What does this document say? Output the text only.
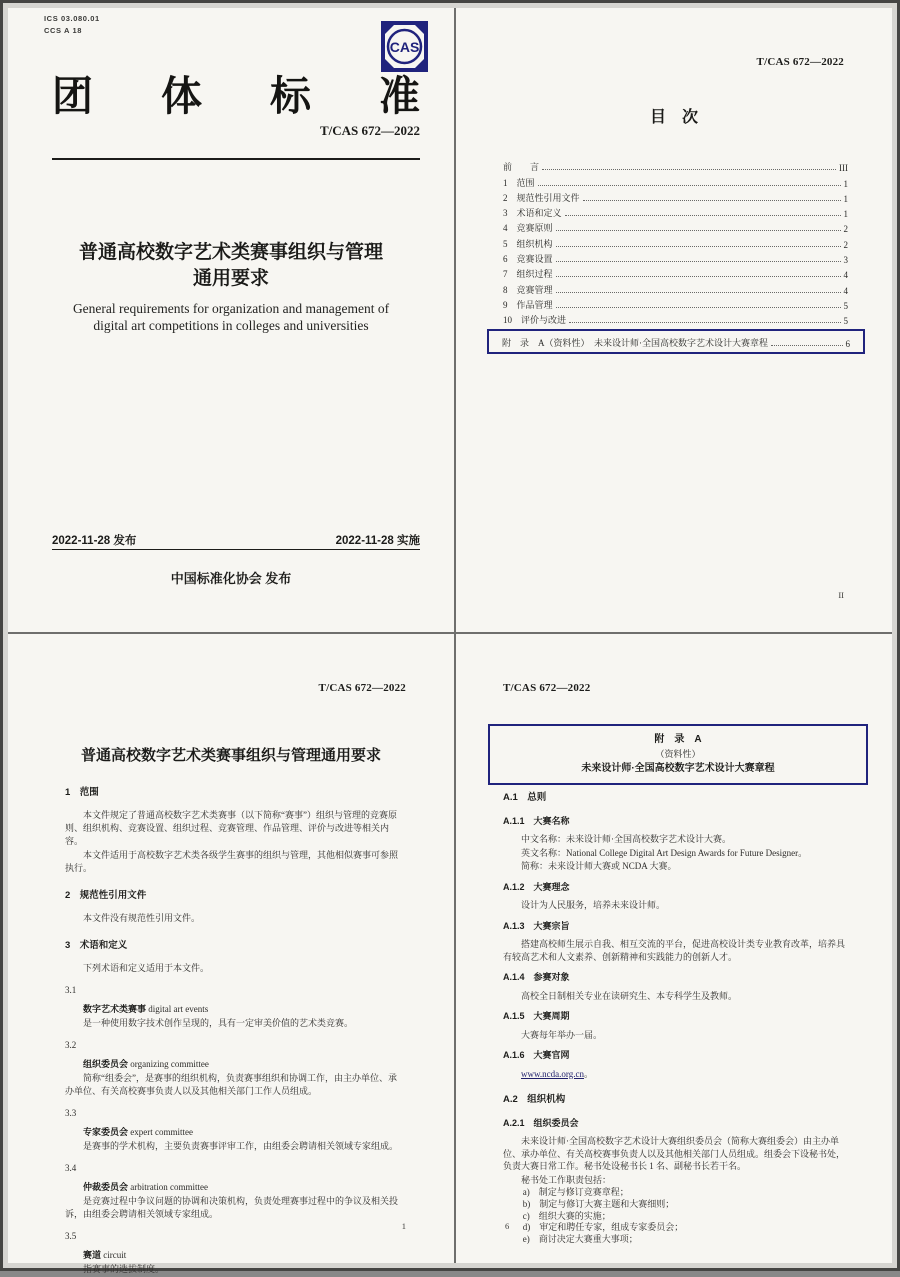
ICS 03.080.01
CCS A 18
CAS
团 体 标 准
T/CAS 672—2022
普通高校数字艺术类赛事组织与管理
通用要求
General requirements for organization and management of
digital art competitions in colleges and universities
2022-11-28 发布	2022-11-28 实施
中国标准化协会 发布
T/CAS 672—2022
目　次
前　　言	III
1　范围	1
2　规范性引用文件	1
3　术语和定义	1
4　竞赛原则	2
5　组织机构	2
6　竞赛设置	3
7　组织过程	4
8　竞赛管理	4
9　作品管理	5
10　评价与改进	5
附　录　A（资料性）　未来设计师·全国高校数字艺术设计大赛章程	6
II
T/CAS 672—2022
普通高校数字艺术类赛事组织与管理通用要求
1　范围
本文件规定了普通高校数字艺术类赛事（以下简称“赛事”）组织与管理的竞赛原则、组织机构、竞赛设置、组织过程、竞赛管理、作品管理、评价与改进等相关内容。
本文件适用于高校数字艺术类各级学生赛事的组织与管理，其他相似赛事可参照执行。
2　规范性引用文件
本文件没有规范性引用文件。
3　术语和定义
下列术语和定义适用于本文件。
3.1
数字艺术类赛事 digital art events
是一种使用数字技术创作呈现的，具有一定审美价值的艺术类竞赛。
3.2
组织委员会 organizing committee
简称“组委会”，是赛事的组织机构，负责赛事组织和协调工作，由主办单位、承办单位、有关高校赛事负责人以及其他相关部门工作人员组成。
3.3
专家委员会 expert committee
是赛事的学术机构，主要负责赛事评审工作，由组委会聘请相关领域专家组成。
3.4
仲裁委员会 arbitration committee
是竞赛过程中争议问题的协调和决策机构，负责处理赛事过程中的争议及相关投诉，由组委会聘请相关领域专家组成。
3.5
赛道 circuit
指赛事的选拔制度。
1
T/CAS 672—2022
附　录　A
（资料性）
未来设计师·全国高校数字艺术设计大赛章程
A.1　总则
A.1.1　大赛名称
中文名称：未来设计师·全国高校数字艺术设计大赛。
英文名称：National College Digital Art Design Awards for Future Designer。
简称：未来设计师大赛或 NCDA 大赛。
A.1.2　大赛理念
设计为人民服务，培养未来设计师。
A.1.3　大赛宗旨
搭建高校师生展示自我、相互交流的平台，促进高校设计类专业教育改革，培养具有较高艺术和人文素养、创新精神和实践能力的创新人才。
A.1.4　参赛对象
高校全日制相关专业在读研究生、本专科学生及教师。
A.1.5　大赛周期
大赛每年举办一届。
A.1.6　大赛官网
www.ncda.org.cn。
A.2　组织机构
A.2.1　组织委员会
未来设计师·全国高校数字艺术设计大赛组织委员会（简称大赛组委会）由主办单位、承办单位、有关高校赛事负责人以及其他相关部门人员组成。组委会下设秘书处，负责大赛日常工作。秘书处设秘书长 1 名、副秘书长若干名。
秘书处工作职责包括：
a)　制定与修订竞赛章程；
b)　制定与修订大赛主题和大赛细则；
c)　组织大赛的实施；
d)　审定和聘任专家，组成专家委员会；
e)　商讨决定大赛重大事项；
6
